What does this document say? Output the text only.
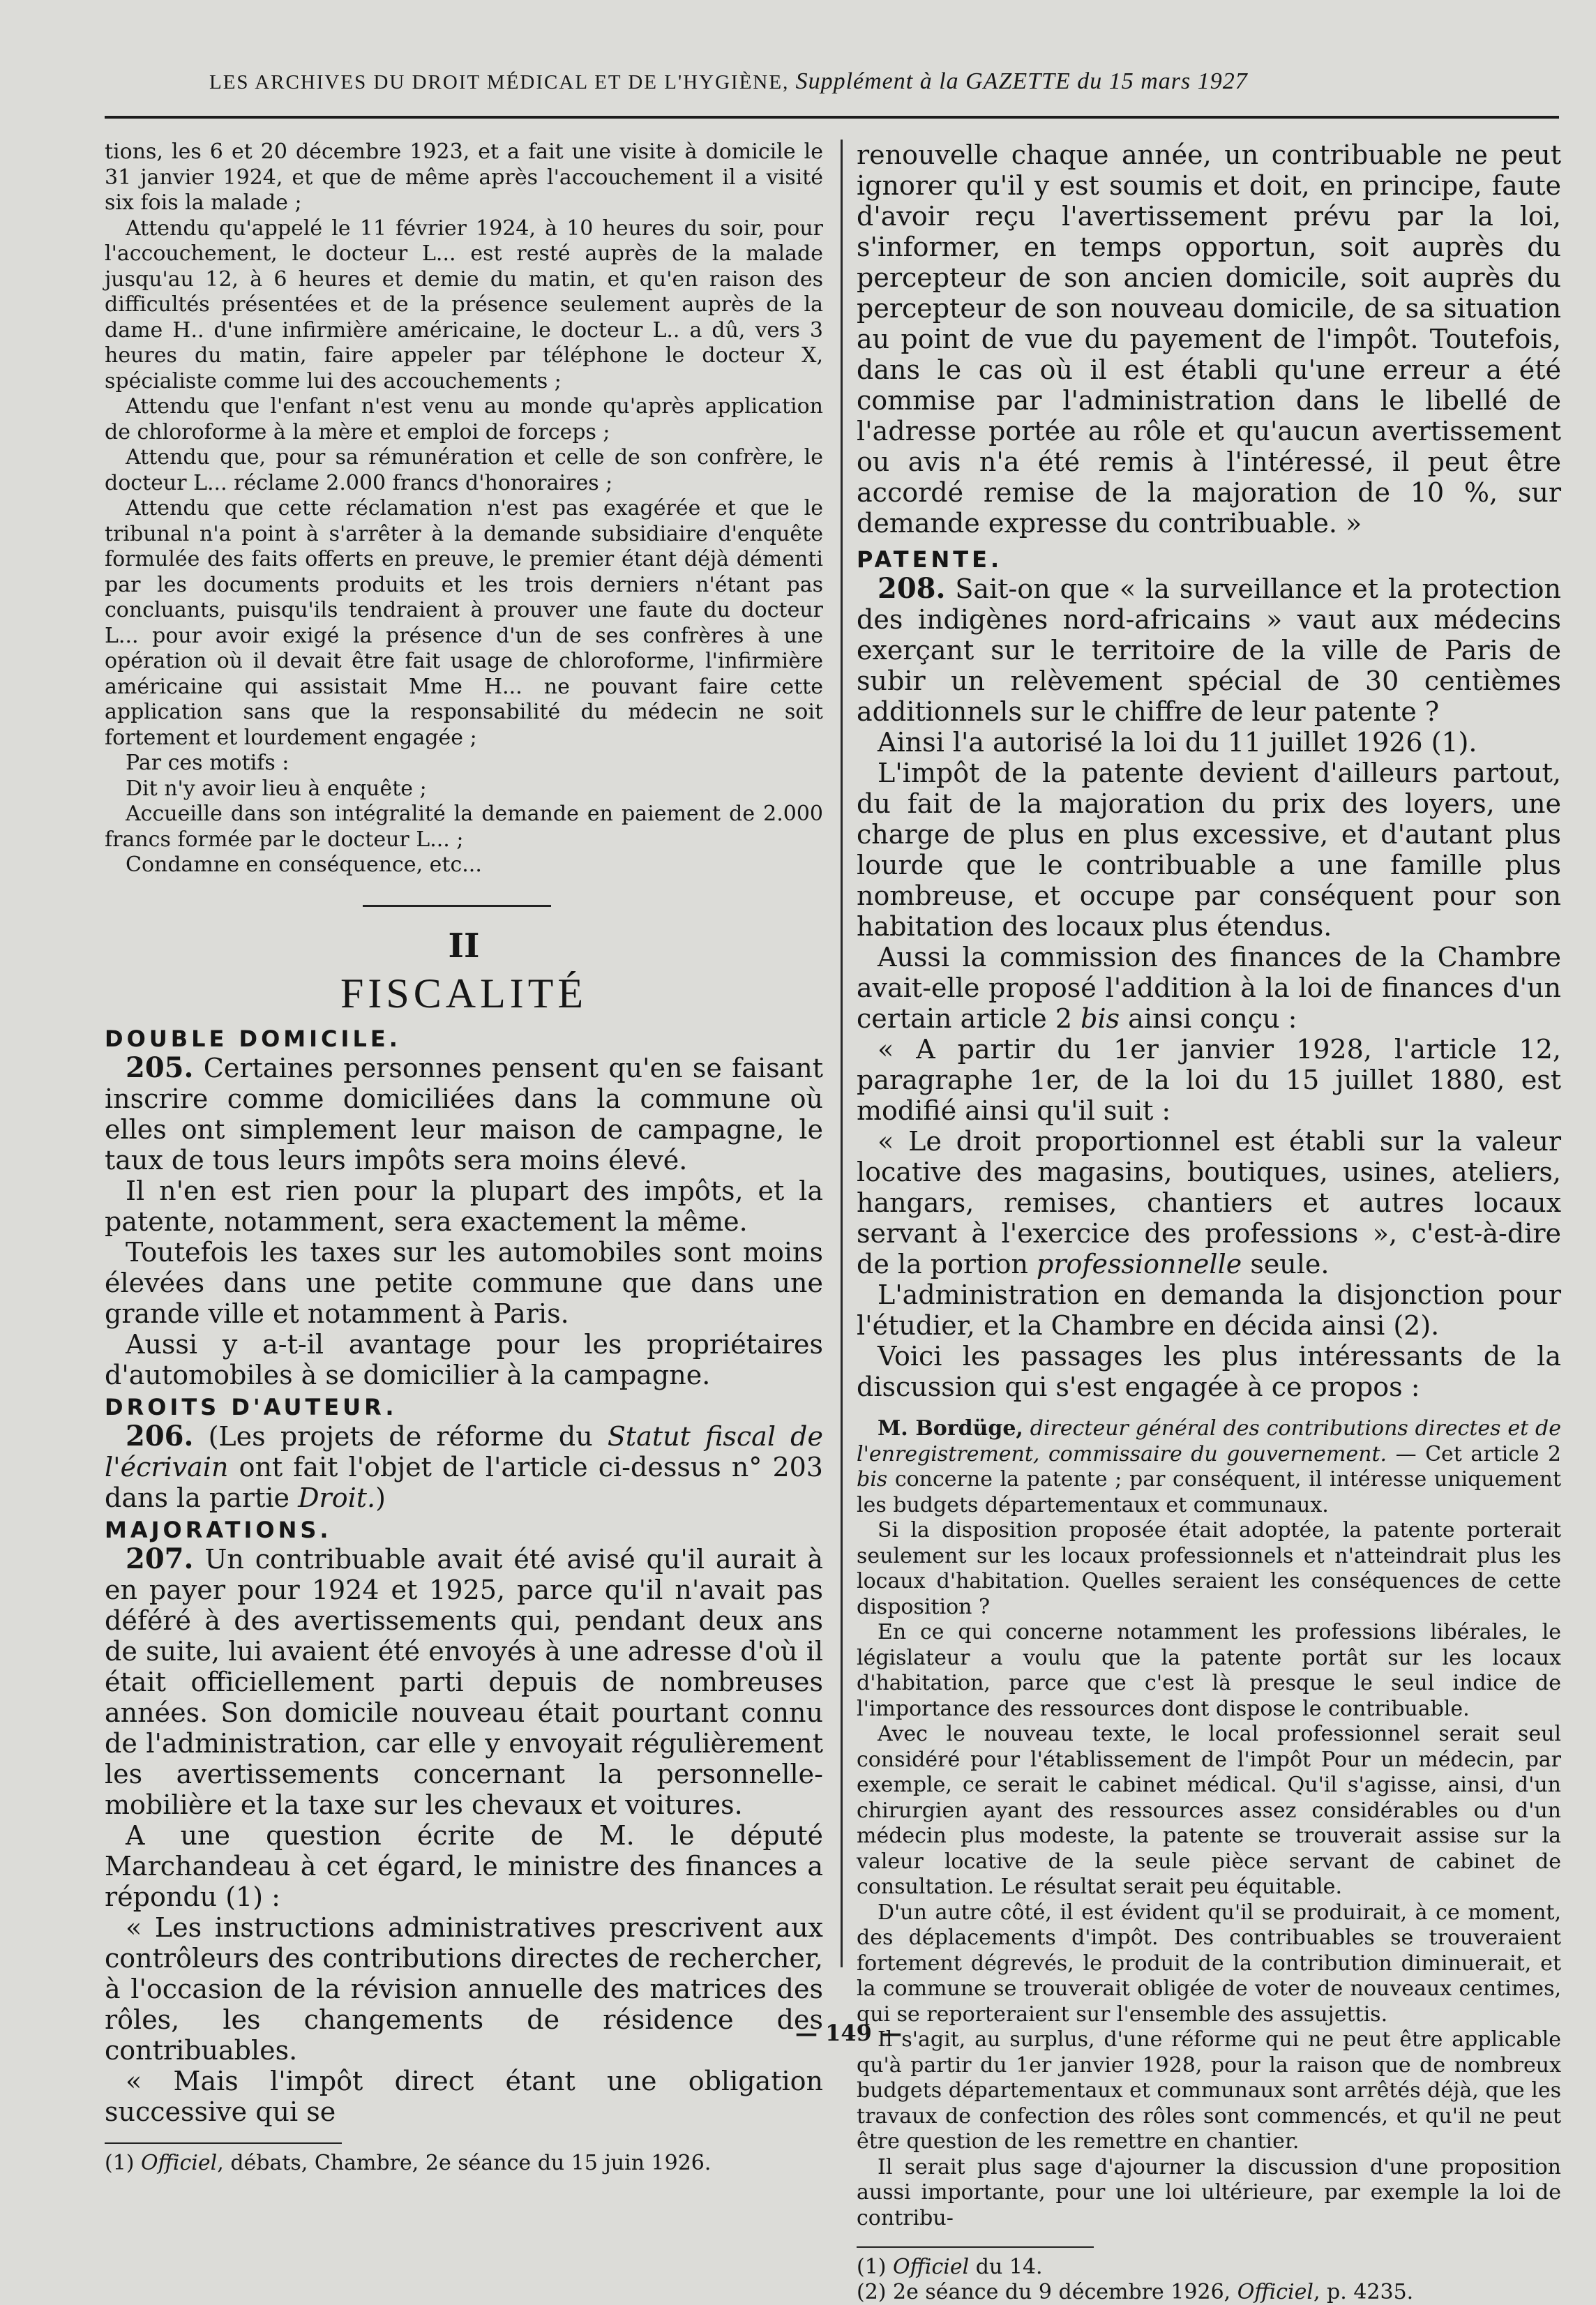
LES ARCHIVES DU DROIT MÉDICAL ET DE L'HYGIÈNE, Supplément à la GAZETTE du 15 mars 1927

tions, les 6 et 20 décembre 1923, et a fait une visite à domicile le 31 janvier 1924, et que de même après l'accouchement il a visité six fois la malade ;

Attendu qu'appelé le 11 février 1924, à 10 heures du soir, pour l'accouchement, le docteur L... est resté auprès de la malade jusqu'au 12, à 6 heures et demie du matin, et qu'en raison des difficultés présentées et de la présence seulement auprès de la dame H.. d'une infirmière américaine, le docteur L.. a dû, vers 3 heures du matin, faire appeler par téléphone le docteur X, spécialiste comme lui des accouchements ;

Attendu que l'enfant n'est venu au monde qu'après application de chloroforme à la mère et emploi de forceps ;

Attendu que, pour sa rémunération et celle de son confrère, le docteur L... réclame 2.000 francs d'honoraires ;

Attendu que cette réclamation n'est pas exagérée et que le tribunal n'a point à s'arrêter à la demande subsidiaire d'enquête formulée des faits offerts en preuve, le premier étant déjà démenti par les documents produits et les trois derniers n'étant pas concluants, puisqu'ils tendraient à prouver une faute du docteur L... pour avoir exigé la présence d'un de ses confrères à une opération où il devait être fait usage de chloroforme, l'infirmière américaine qui assistait Mme H... ne pouvant faire cette application sans que la responsabilité du médecin ne soit fortement et lourdement engagée ;

Par ces motifs :

Dit n'y avoir lieu à enquête ;

Accueille dans son intégralité la demande en paiement de 2.000 francs formée par le docteur L... ;

Condamne en conséquence, etc...

II
FISCALITÉ
DOUBLE DOMICILE.

205. Certaines personnes pensent qu'en se faisant inscrire comme domiciliées dans la commune où elles ont simplement leur maison de campagne, le taux de tous leurs impôts sera moins élevé.

Il n'en est rien pour la plupart des impôts, et la patente, notamment, sera exactement la même.

Toutefois les taxes sur les automobiles sont moins élevées dans une petite commune que dans une grande ville et notamment à Paris.

Aussi y a-t-il avantage pour les propriétaires d'automobiles à se domicilier à la campagne.

DROITS D'AUTEUR.

206. (Les projets de réforme du Statut fiscal de l'écrivain ont fait l'objet de l'article ci-dessus n° 203 dans la partie Droit.)

MAJORATIONS.

207. Un contribuable avait été avisé qu'il aurait à en payer pour 1924 et 1925, parce qu'il n'avait pas déféré à des avertissements qui, pendant deux ans de suite, lui avaient été envoyés à une adresse d'où il était officiellement parti depuis de nombreuses années. Son domicile nouveau était pourtant connu de l'administration, car elle y envoyait régulièrement les avertissements concernant la personnelle-mobilière et la taxe sur les chevaux et voitures.

A une question écrite de M. le député Marchandeau à cet égard, le ministre des finances a répondu (1) :

« Les instructions administratives prescrivent aux contrôleurs des contributions directes de rechercher, à l'occasion de la révision annuelle des matrices des rôles, les changements de résidence des contribuables.

« Mais l'impôt direct étant une obligation successive qui se

(1) Officiel, débats, Chambre, 2e séance du 15 juin 1926.

renouvelle chaque année, un contribuable ne peut ignorer qu'il y est soumis et doit, en principe, faute d'avoir reçu l'avertissement prévu par la loi, s'informer, en temps opportun, soit auprès du percepteur de son ancien domicile, soit auprès du percepteur de son nouveau domicile, de sa situation au point de vue du payement de l'impôt. Toutefois, dans le cas où il est établi qu'une erreur a été commise par l'administration dans le libellé de l'adresse portée au rôle et qu'aucun avertissement ou avis n'a été remis à l'intéressé, il peut être accordé remise de la majoration de 10 %, sur demande expresse du contribuable. »

PATENTE.

208. Sait-on que « la surveillance et la protection des indigènes nord-africains » vaut aux médecins exerçant sur le territoire de la ville de Paris de subir un relèvement spécial de 30 centièmes additionnels sur le chiffre de leur patente ?

Ainsi l'a autorisé la loi du 11 juillet 1926 (1).

L'impôt de la patente devient d'ailleurs partout, du fait de la majoration du prix des loyers, une charge de plus en plus excessive, et d'autant plus lourde que le contribuable a une famille plus nombreuse, et occupe par conséquent pour son habitation des locaux plus étendus.

Aussi la commission des finances de la Chambre avait-elle proposé l'addition à la loi de finances d'un certain article 2 bis ainsi conçu :

« A partir du 1er janvier 1928, l'article 12, paragraphe 1er, de la loi du 15 juillet 1880, est modifié ainsi qu'il suit :

« Le droit proportionnel est établi sur la valeur locative des magasins, boutiques, usines, ateliers, hangars, remises, chantiers et autres locaux servant à l'exercice des professions », c'est-à-dire de la portion professionnelle seule.

L'administration en demanda la disjonction pour l'étudier, et la Chambre en décida ainsi (2).

Voici les passages les plus intéressants de la discussion qui s'est engagée à ce propos :

M. Bordüge, directeur général des contributions directes et de l'enregistrement, commissaire du gouvernement. — Cet article 2 bis concerne la patente ; par conséquent, il intéresse uniquement les budgets départementaux et communaux.

Si la disposition proposée était adoptée, la patente porterait seulement sur les locaux professionnels et n'atteindrait plus les locaux d'habitation. Quelles seraient les conséquences de cette disposition ?

En ce qui concerne notamment les professions libérales, le législateur a voulu que la patente portât sur les locaux d'habitation, parce que c'est là presque le seul indice de l'importance des ressources dont dispose le contribuable.

Avec le nouveau texte, le local professionnel serait seul considéré pour l'établissement de l'impôt Pour un médecin, par exemple, ce serait le cabinet médical. Qu'il s'agisse, ainsi, d'un chirurgien ayant des ressources assez considérables ou d'un médecin plus modeste, la patente se trouverait assise sur la valeur locative de la seule pièce servant de cabinet de consultation. Le résultat serait peu équitable.

D'un autre côté, il est évident qu'il se produirait, à ce moment, des déplacements d'impôt. Des contribuables se trouveraient fortement dégrevés, le produit de la contribution diminuerait, et la commune se trouverait obligée de voter de nouveaux centimes, qui se reporteraient sur l'ensemble des assujettis.

Il s'agit, au surplus, d'une réforme qui ne peut être applicable qu'à partir du 1er janvier 1928, pour la raison que de nombreux budgets départementaux et communaux sont arrêtés déjà, que les travaux de confection des rôles sont commencés, et qu'il ne peut être question de les remettre en chantier.

Il serait plus sage d'ajourner la discussion d'une proposition aussi importante, pour une loi ultérieure, par exemple la loi de contribu-

(1) Officiel du 14.

(2) 2e séance du 9 décembre 1926, Officiel, p. 4235.

— 149 —
